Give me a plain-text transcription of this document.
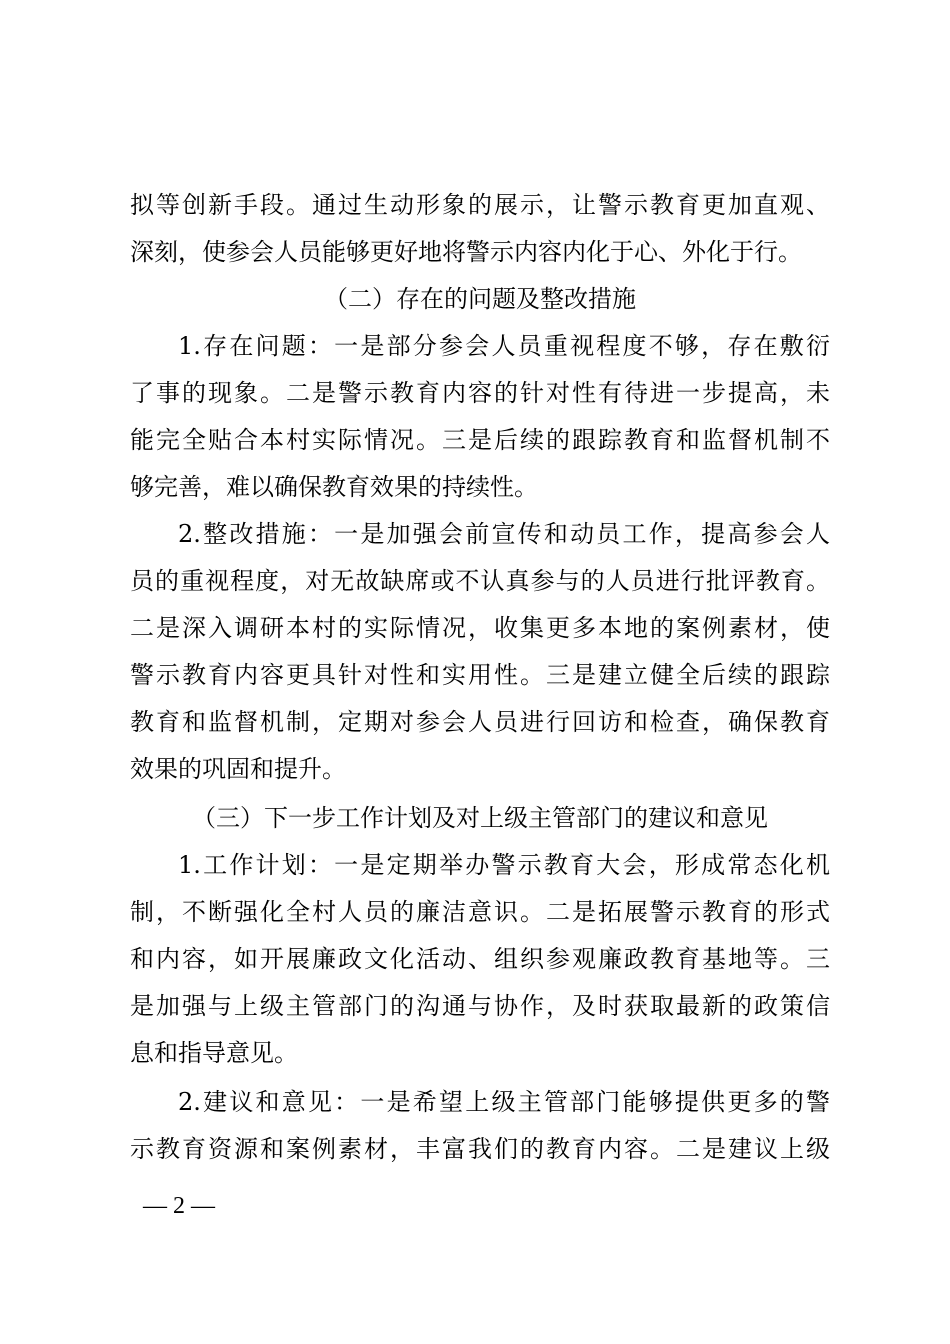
拟等创新手段。通过生动形象的展示，让警示教育更加直观、
深刻，使参会人员能够更好地将警示内容内化于心、外化于行。
（二）存在的问题及整改措施
1.存在问题：一是部分参会人员重视程度不够，存在敷衍
了事的现象。二是警示教育内容的针对性有待进一步提高，未
能完全贴合本村实际情况。三是后续的跟踪教育和监督机制不
够完善，难以确保教育效果的持续性。
2.整改措施：一是加强会前宣传和动员工作，提高参会人
员的重视程度，对无故缺席或不认真参与的人员进行批评教育。
二是深入调研本村的实际情况，收集更多本地的案例素材，使
警示教育内容更具针对性和实用性。三是建立健全后续的跟踪
教育和监督机制，定期对参会人员进行回访和检查，确保教育
效果的巩固和提升。
（三）下一步工作计划及对上级主管部门的建议和意见
1.工作计划：一是定期举办警示教育大会，形成常态化机
制，不断强化全村人员的廉洁意识。二是拓展警示教育的形式
和内容，如开展廉政文化活动、组织参观廉政教育基地等。三
是加强与上级主管部门的沟通与协作，及时获取最新的政策信
息和指导意见。
2.建议和意见：一是希望上级主管部门能够提供更多的警
示教育资源和案例素材，丰富我们的教育内容。二是建议上级
— 2 —
